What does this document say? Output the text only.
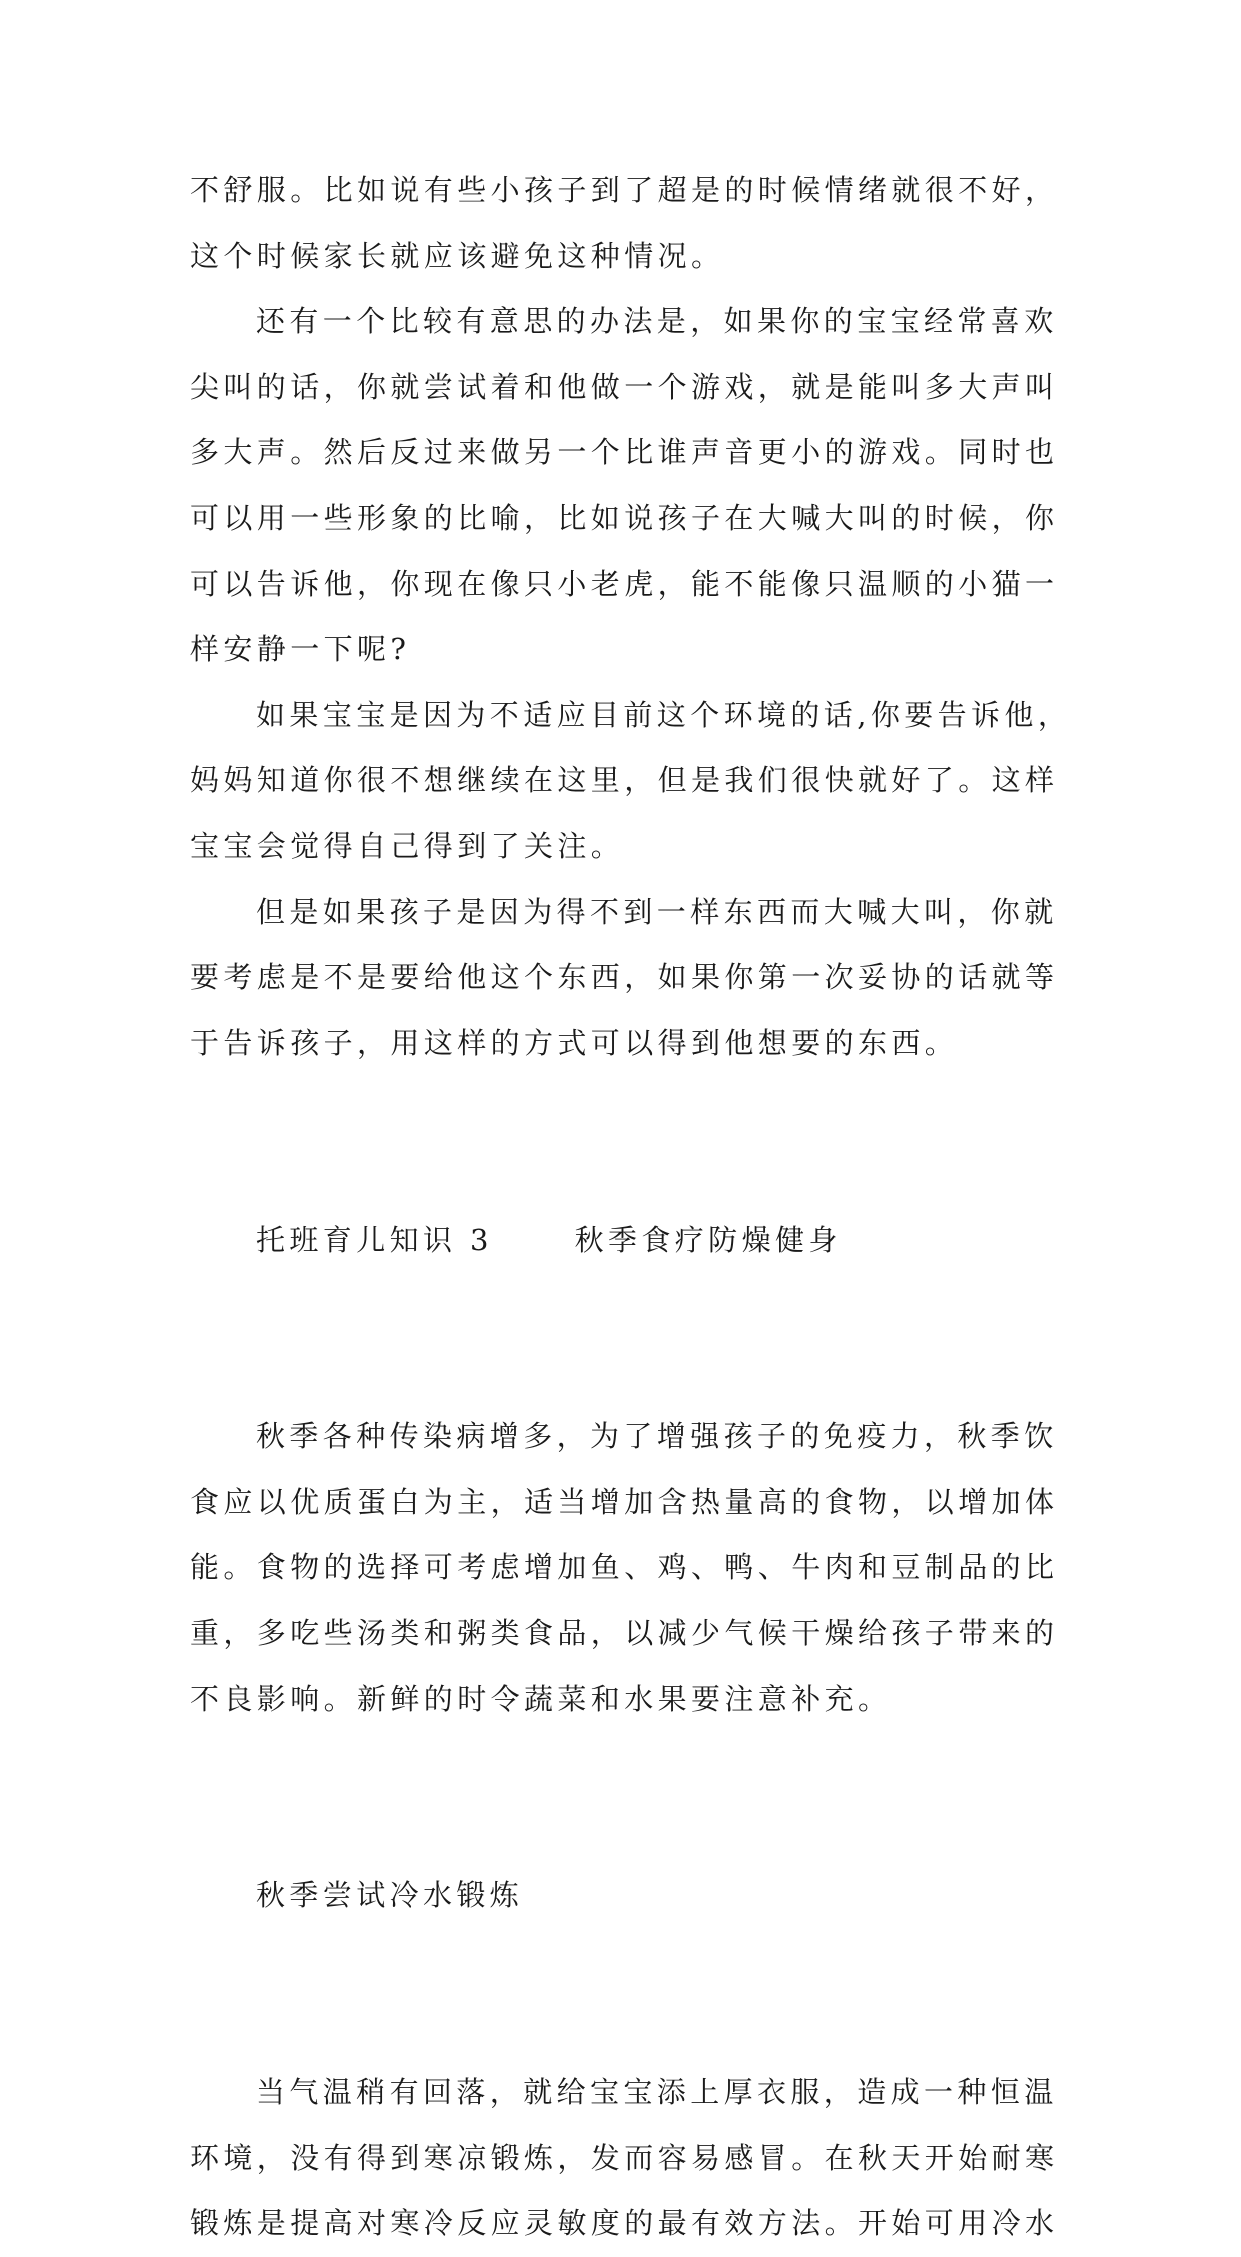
不舒服。比如说有些小孩子到了超是的时候情绪就很不好，
这个时候家长就应该避免这种情况。

还有一个比较有意思的办法是，如果你的宝宝经常喜欢
尖叫的话，你就尝试着和他做一个游戏，就是能叫多大声叫
多大声。然后反过来做另一个比谁声音更小的游戏。同时也
可以用一些形象的比喻，比如说孩子在大喊大叫的时候，你
可以告诉他，你现在像只小老虎，能不能像只温顺的小猫一
样安静一下呢?

如果宝宝是因为不适应目前这个环境的话,你要告诉他，
妈妈知道你很不想继续在这里，但是我们很快就好了。这样
宝宝会觉得自己得到了关注。

但是如果孩子是因为得不到一样东西而大喊大叫，你就
要考虑是不是要给他这个东西，如果你第一次妥协的话就等
于告诉孩子，用这样的方式可以得到他想要的东西。

托班育儿知识 3      秋季食疗防燥健身

秋季各种传染病增多，为了增强孩子的免疫力，秋季饮
食应以优质蛋白为主，适当增加含热量高的食物，以增加体
能。食物的选择可考虑增加鱼、鸡、鸭、牛肉和豆制品的比
重，多吃些汤类和粥类食品，以减少气候干燥给孩子带来的
不良影响。新鲜的时令蔬菜和水果要注意补充。

秋季尝试冷水锻炼

当气温稍有回落，就给宝宝添上厚衣服，造成一种恒温
环境，没有得到寒凉锻炼，发而容易感冒。在秋天开始耐寒
锻炼是提高对寒冷反应灵敏度的最有效方法。开始可用冷水
